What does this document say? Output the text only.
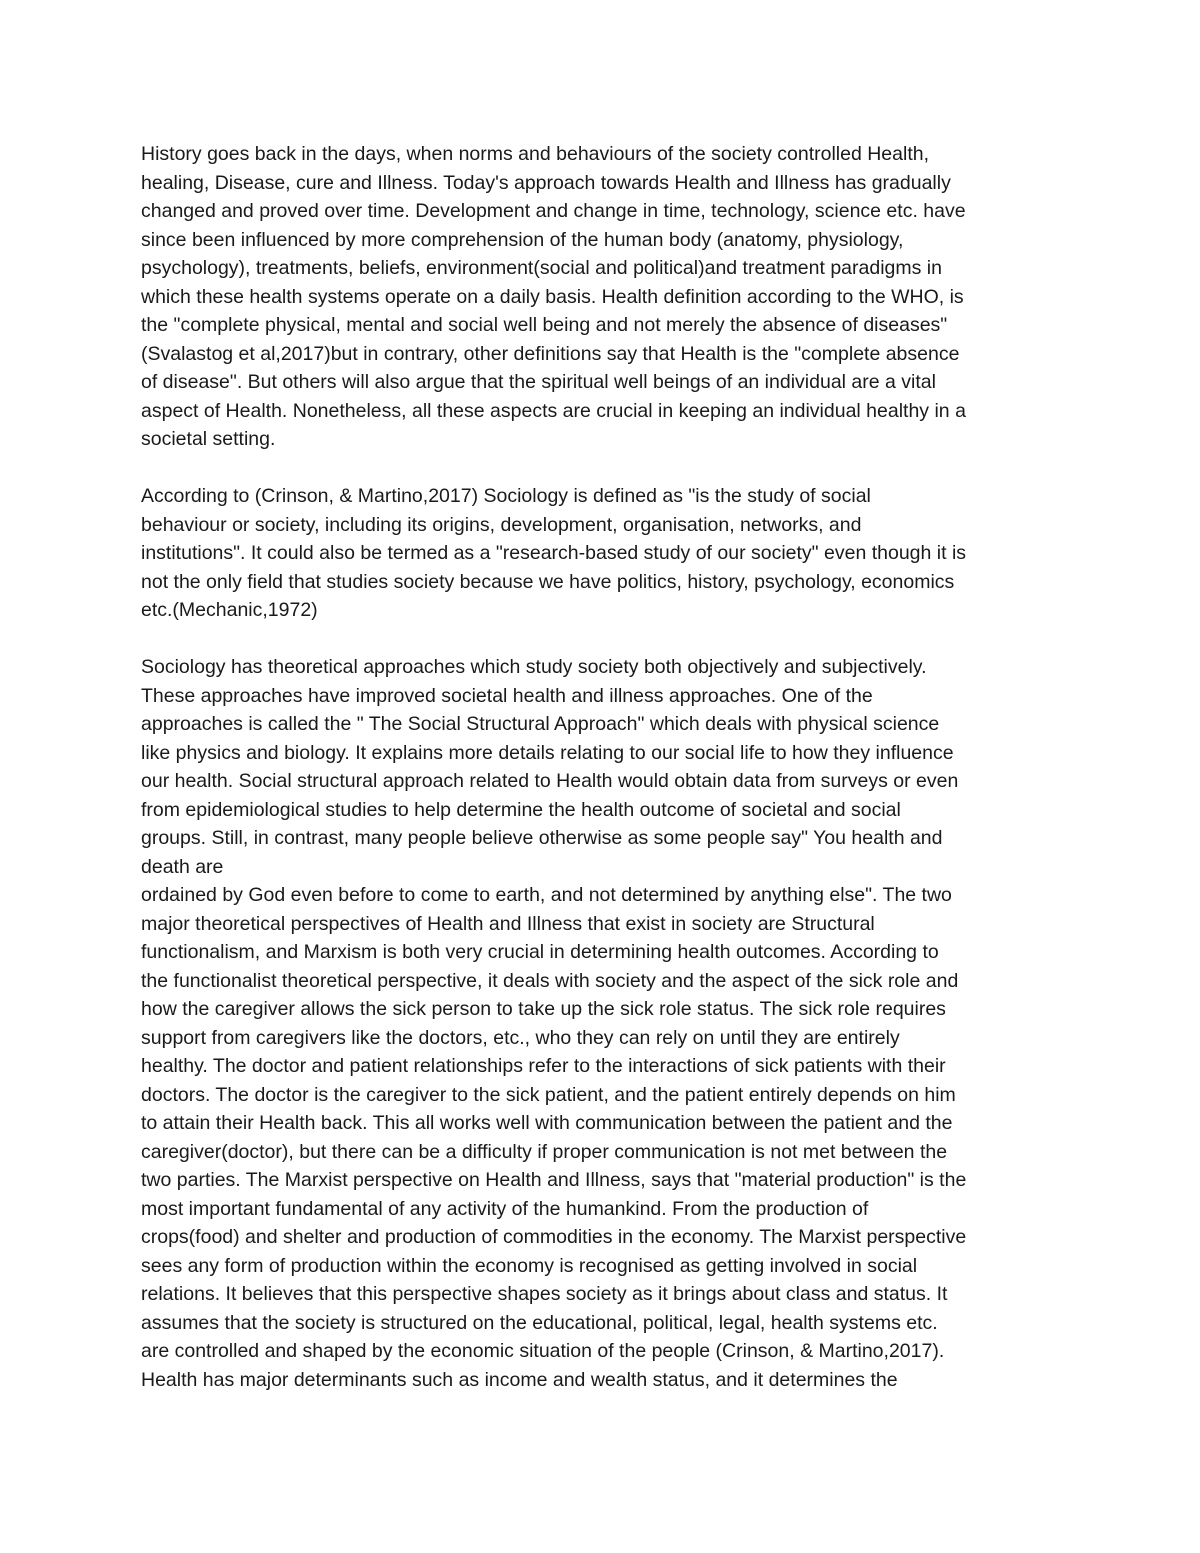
History goes back in the days, when norms and behaviours of the society controlled Health,
healing, Disease, cure and Illness. Today's approach towards Health and Illness has gradually
changed and proved over time. Development and change in time, technology, science etc. have
since been influenced by more comprehension of the human body (anatomy, physiology,
psychology), treatments, beliefs, environment(social and political)and treatment paradigms in
which these health systems operate on a daily basis. Health definition according to the WHO, is
the "complete physical, mental and social well being and not merely the absence of diseases"
(Svalastog et al,2017)but in contrary, other definitions say that Health is the "complete absence
of disease". But others will also argue that the spiritual well beings of an individual are a vital
aspect of Health. Nonetheless, all these aspects are crucial in keeping an individual healthy in a
societal setting.
According to (Crinson, & Martino,2017) Sociology is defined as "is the study of social
behaviour or society, including its origins, development, organisation, networks, and
institutions". It could also be termed as a "research-based study of our society" even though it is
not the only field that studies society because we have politics, history, psychology, economics
etc.(Mechanic,1972)
Sociology has theoretical approaches which study society both objectively and subjectively.
These approaches have improved societal health and illness approaches. One of the
approaches is called the " The Social Structural Approach" which deals with physical science
like physics and biology. It explains more details relating to our social life to how they influence
our health. Social structural approach related to Health would obtain data from surveys or even
from epidemiological studies to help determine the health outcome of societal and social
groups. Still, in contrast, many people believe otherwise as some people say" You health and
death are
ordained by God even before to come to earth, and not determined by anything else". The two
major theoretical perspectives of Health and Illness that exist in society are Structural
functionalism, and Marxism is both very crucial in determining health outcomes. According to
the functionalist theoretical perspective, it deals with society and the aspect of the sick role and
how the caregiver allows the sick person to take up the sick role status. The sick role requires
support from caregivers like the doctors, etc., who they can rely on until they are entirely
healthy. The doctor and patient relationships refer to the interactions of sick patients with their
doctors. The doctor is the caregiver to the sick patient, and the patient entirely depends on him
to attain their Health back. This all works well with communication between the patient and the
caregiver(doctor), but there can be a difficulty if proper communication is not met between the
two parties. The Marxist perspective on Health and Illness, says that "material production" is the
most important fundamental of any activity of the humankind. From the production of
crops(food) and shelter and production of commodities in the economy. The Marxist perspective
sees any form of production within the economy is recognised as getting involved in social
relations. It believes that this perspective shapes society as it brings about class and status. It
assumes that the society is structured on the educational, political, legal, health systems etc.
are controlled and shaped by the economic situation of the people (Crinson, & Martino,2017).
Health has major determinants such as income and wealth status, and it determines the
